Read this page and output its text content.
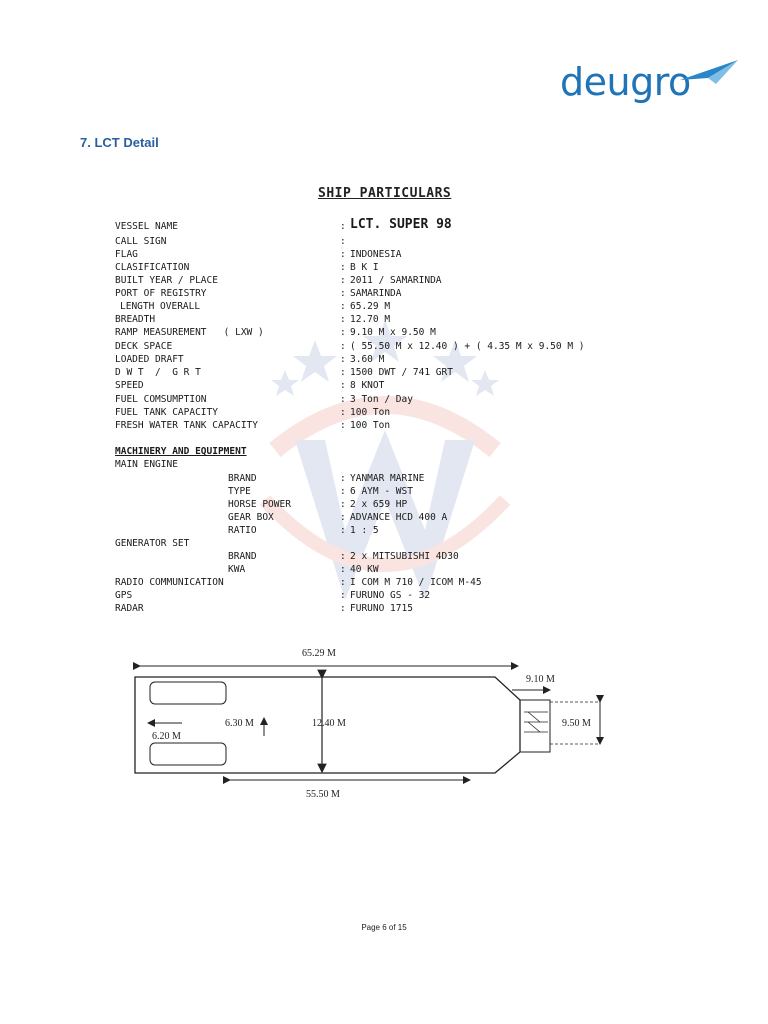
deugro
7. LCT Detail
SHIP PARTICULARS
VESSEL NAME	: LCT. SUPER 98
CALL SIGN	:
FLAG	: INDONESIA
CLASIFICATION	: B K I
BUILT YEAR / PLACE	: 2011 / SAMARINDA
PORT OF REGISTRY	: SAMARINDA
LENGTH OVERALL	: 65.29 M
BREADTH	: 12.70 M
RAMP MEASUREMENT   ( LXW )	: 9.10 M x 9.50 M
DECK SPACE	: ( 55.50 M x 12.40 ) + ( 4.35 M x 9.50 M )
LOADED DRAFT	: 3.60 M
D W T  /  G R T	: 1500 DWT / 741 GRT
SPEED	: 8 KNOT
FUEL COMSUMPTION	: 3 Ton / Day
FUEL TANK CAPACITY	: 100 Ton
FRESH WATER TANK CAPACITY	: 100 Ton
MACHINERY AND EQUIPMENT
MAIN ENGINE
BRAND	: YANMAR MARINE
TYPE	: 6 AYM - WST
HORSE POWER	: 2 x 659 HP
GEAR BOX	: ADVANCE HCD 400 A
RATIO	: 1 : 5
GENERATOR SET
BRAND	: 2 x MITSUBISHI 4D30
KWA	: 40 KW
RADIO COMMUNICATION	: I COM M 710 / ICOM M-45
GPS	: FURUNO GS - 32
RADAR	: FURUNO 1715
65.29 M
9.50 M
9.10 M
6.20 M
6.30 M	12.40 M
55.50 M
Page 6 of 15
